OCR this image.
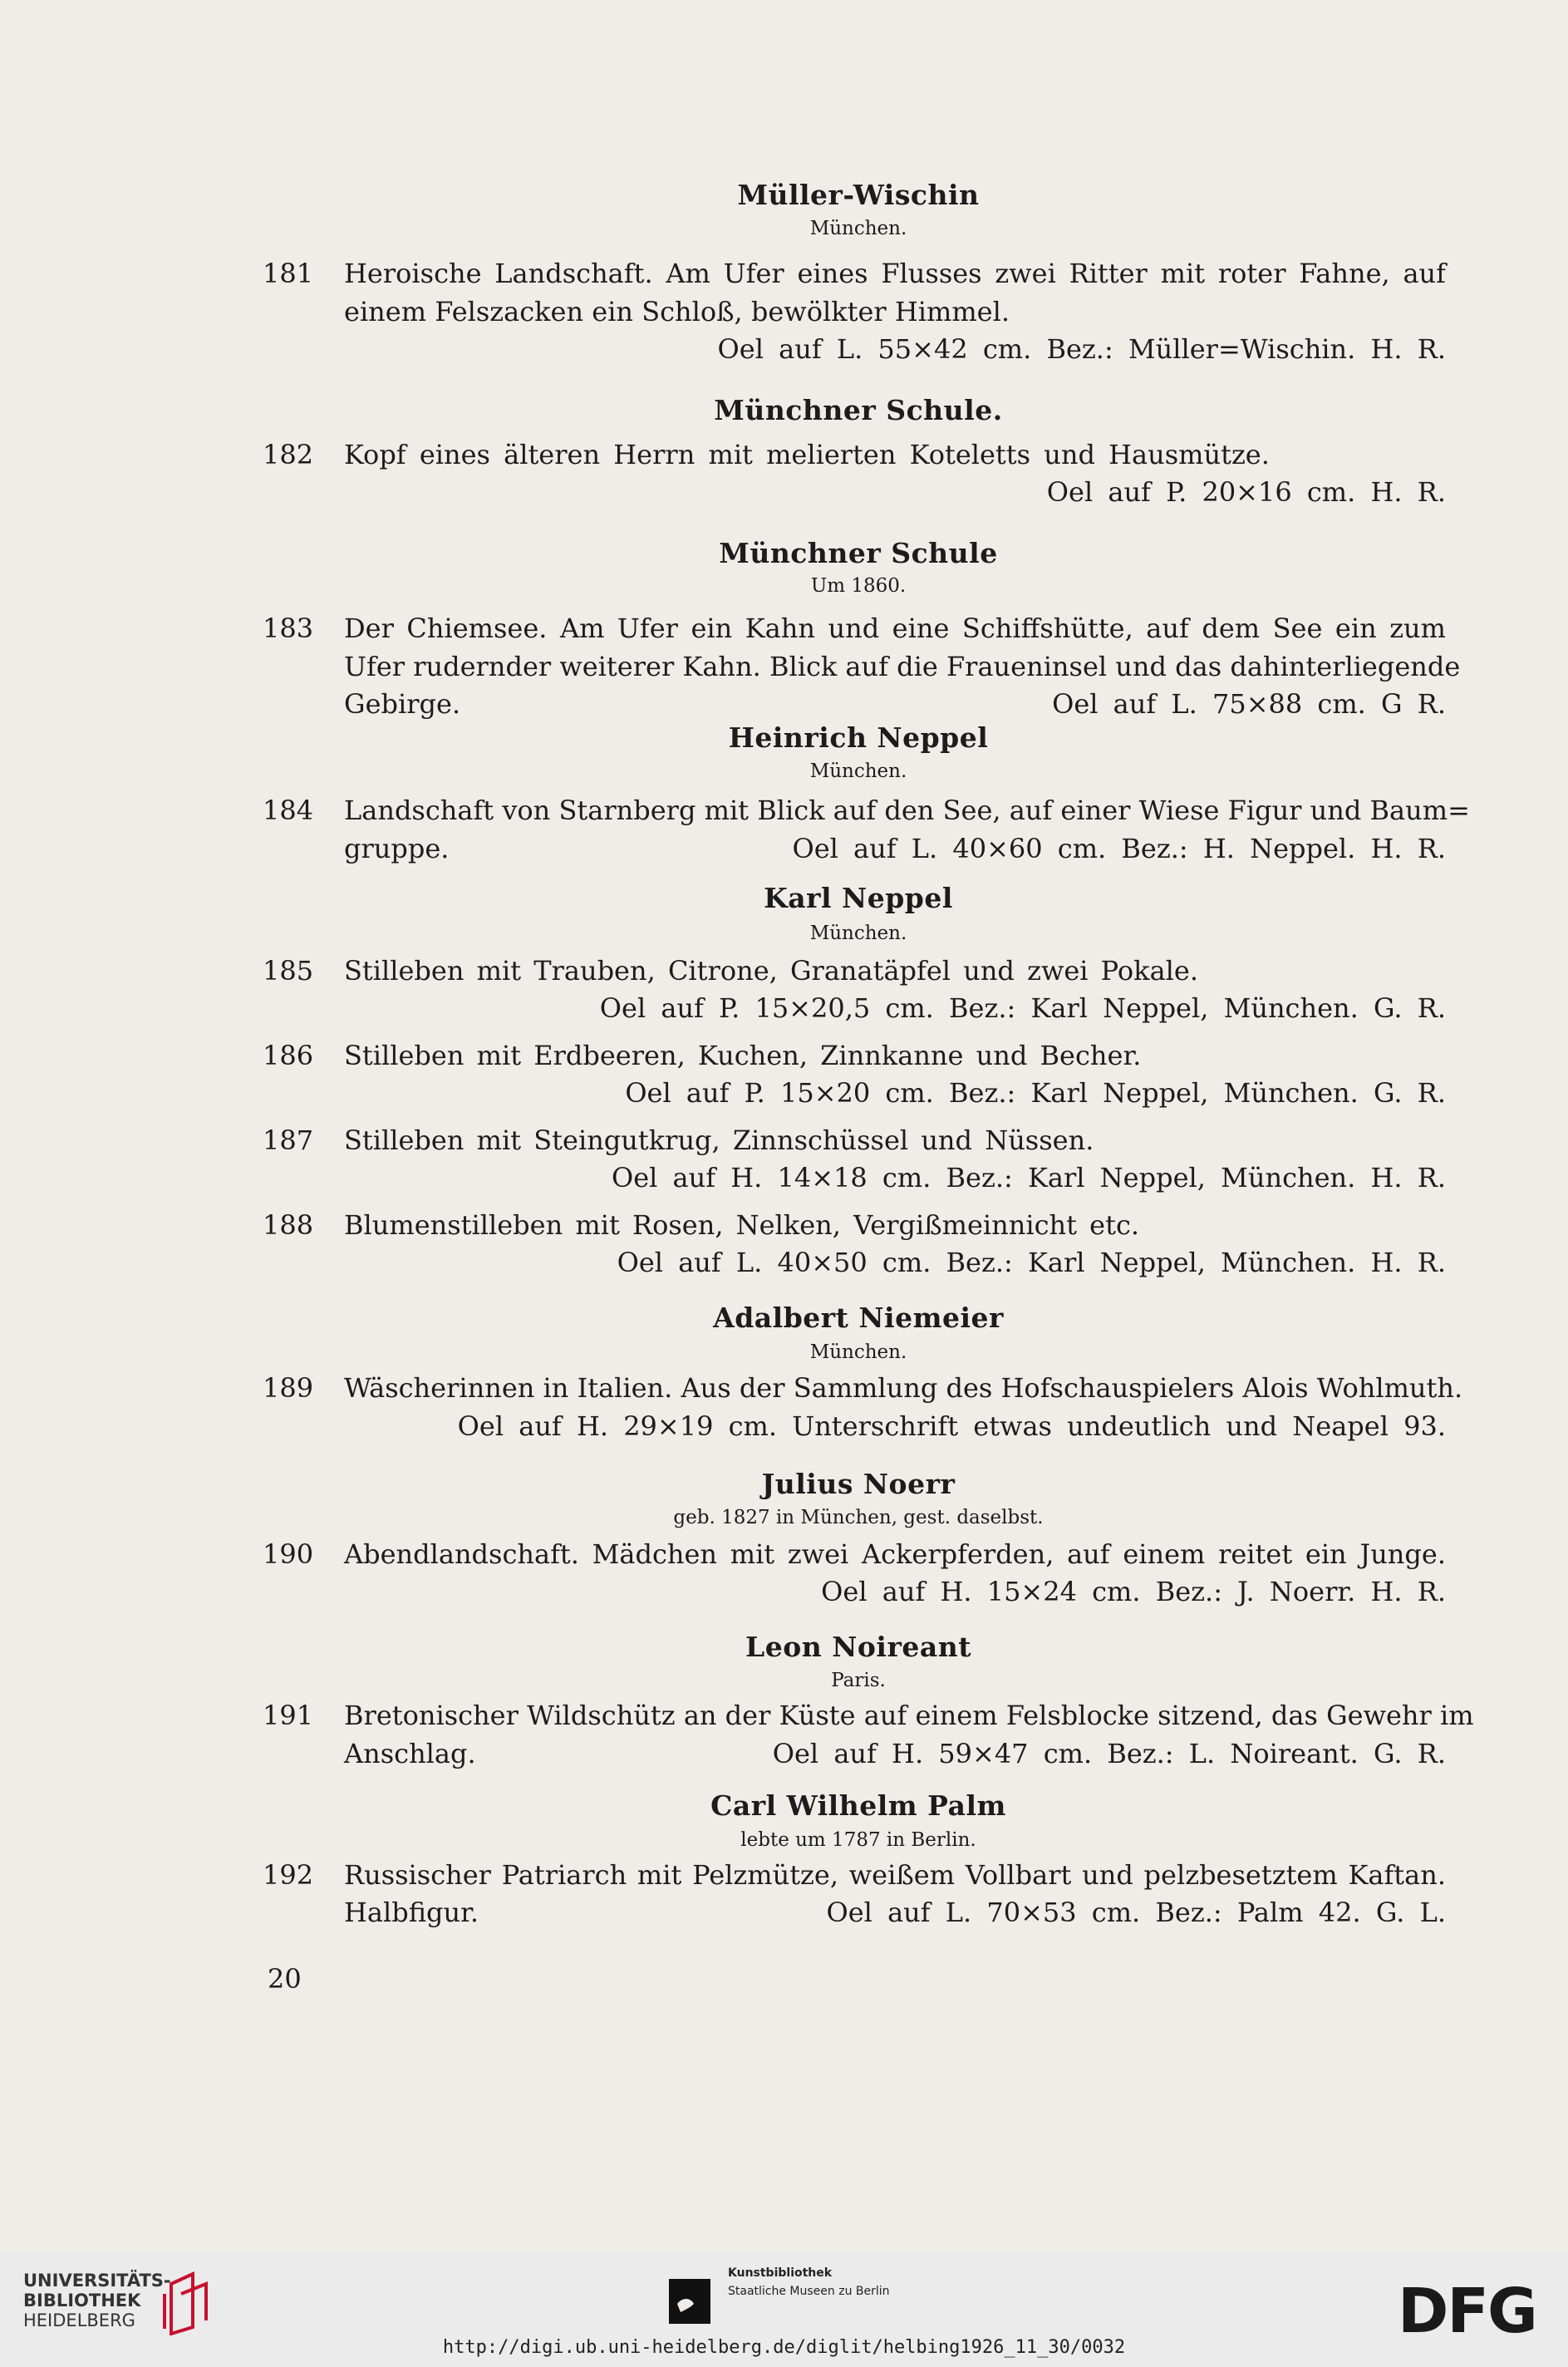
Müller-Wischin
München.
181 Heroische Landschaft. Am Ufer eines Flusses zwei Ritter mit roter Fahne, auf
einem Felszacken ein Schloß, bewölkter Himmel.
Oel auf L. 55×42 cm. Bez.: Müller=Wischin. H. R.
Münchner Schule.
182 Kopf eines älteren Herrn mit melierten Koteletts und Hausmütze.
Oel auf P. 20×16 cm. H. R.
Münchner Schule
Um 1860.
183 Der Chiemsee. Am Ufer ein Kahn und eine Schiffshütte, auf dem See ein zum
Ufer rudernder weiterer Kahn. Blick auf die Fraueninsel und das dahinterliegende
Gebirge.	Oel auf L. 75×88 cm. G R.
Heinrich Neppel
München.
184 Landschaft von Starnberg mit Blick auf den See, auf einer Wiese Figur und Baum=
gruppe.	Oel auf L. 40×60 cm. Bez.: H. Neppel. H. R.
Karl Neppel
München.
185 Stilleben mit Trauben, Citrone, Granatäpfel und zwei Pokale.
Oel auf P. 15×20,5 cm. Bez.: Karl Neppel, München. G. R.
186 Stilleben mit Erdbeeren, Kuchen, Zinnkanne und Becher.
Oel auf P. 15×20 cm. Bez.: Karl Neppel, München. G. R.
187 Stilleben mit Steingutkrug, Zinnschüssel und Nüssen.
Oel auf H. 14×18 cm. Bez.: Karl Neppel, München. H. R.
188 Blumenstilleben mit Rosen, Nelken, Vergißmeinnicht etc.
Oel auf L. 40×50 cm. Bez.: Karl Neppel, München. H. R.
Adalbert Niemeier
München.
189 Wäscherinnen in Italien. Aus der Sammlung des Hofschauspielers Alois Wohlmuth.
Oel auf H. 29×19 cm. Unterschrift etwas undeutlich und Neapel 93.
Julius Noerr
geb. 1827 in München, gest. daselbst.
190 Abendlandschaft. Mädchen mit zwei Ackerpferden, auf einem reitet ein Junge.
Oel auf H. 15×24 cm. Bez.: J. Noerr. H. R.
Leon Noireant
Paris.
191 Bretonischer Wildschütz an der Küste auf einem Felsblocke sitzend, das Gewehr im
Anschlag.	Oel auf H. 59×47 cm. Bez.: L. Noireant. G. R.
Carl Wilhelm Palm
lebte um 1787 in Berlin.
192 Russischer Patriarch mit Pelzmütze, weißem Vollbart und pelzbesetztem Kaftan.
Halbfigur.	Oel auf L. 70×53 cm. Bez.: Palm 42. G. L.
20
UNIVERSITÄTS-
BIBLIOTHEK
HEIDELBERG
Kunstbibliothek
Staatliche Museen zu Berlin	DFG
http://digi.ub.uni-heidelberg.de/diglit/helbing1926_11_30/0032
